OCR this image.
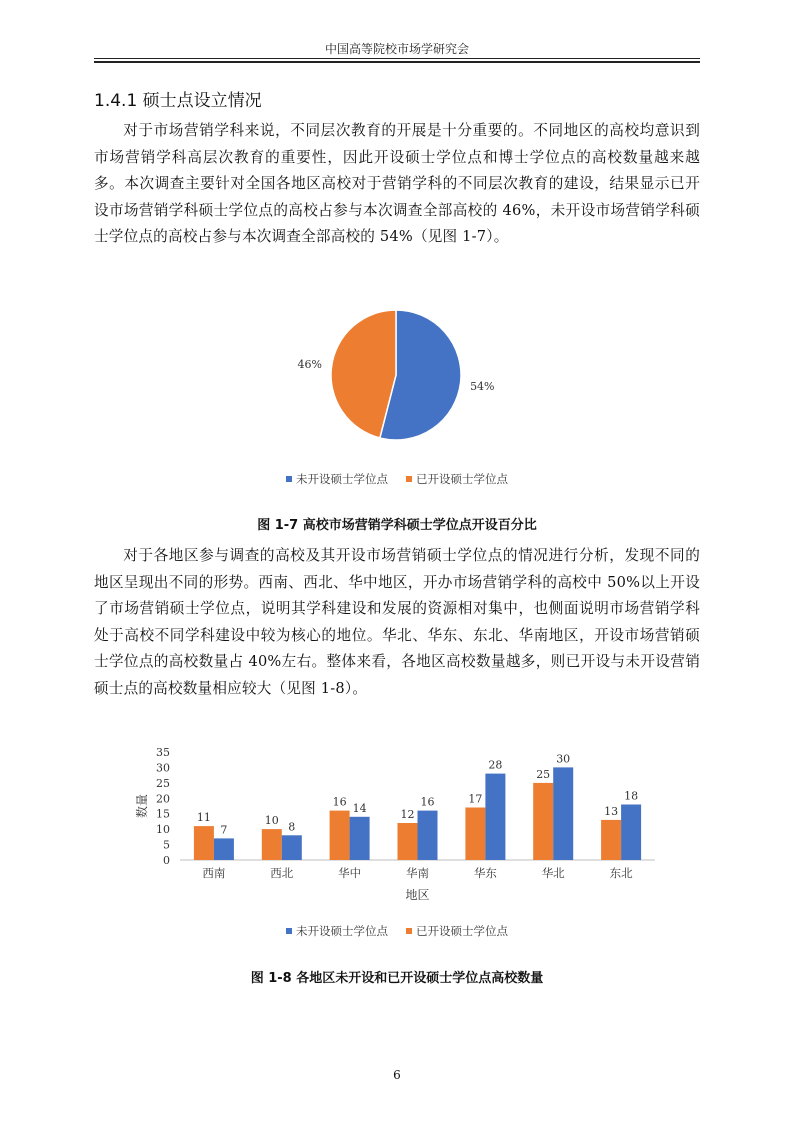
中国高等院校市场学研究会
1.4.1 硕士点设立情况

对于市场营销学科来说，不同层次教育的开展是十分重要的。不同地区的高校均意识到市场营销学科高层次教育的重要性，因此开设硕士学位点和博士学位点的高校数量越来越多。本次调查主要针对全国各地区高校对于营销学科的不同层次教育的建设，结果显示已开设市场营销学科硕士学位点的高校占参与本次调查全部高校的 46%，未开设市场营销学科硕士学位点的高校占参与本次调查全部高校的 54%（见图 1-7）。

54%
46%
未开设硕士学位点 已开设硕士学位点
图 1-7 高校市场营销学科硕士学位点开设百分比

对于各地区参与调查的高校及其开设市场营销硕士学位点的情况进行分析，发现不同的地区呈现出不同的形势。西南、西北、华中地区，开办市场营销学科的高校中 50%以上开设了市场营销硕士学位点，说明其学科建设和发展的资源相对集中，也侧面说明市场营销学科处于高校不同学科建设中较为核心的地位。华北、华东、东北、华南地区，开设市场营销硕士学位点的高校数量占 40%左右。整体来看，各地区高校数量越多，则已开设与未开设营销硕士点的高校数量相应较大（见图 1-8）。

0
5
10
15
20
25
30
35
11
7
西南
10 8
西北
16 14
华中
12
16
华南
17
28
华东
25
30
华北
13
18
东北
地区
数量
未开设硕士学位点 已开设硕士学位点
图 1-8 各地区未开设和已开设硕士学位点高校数量
6
